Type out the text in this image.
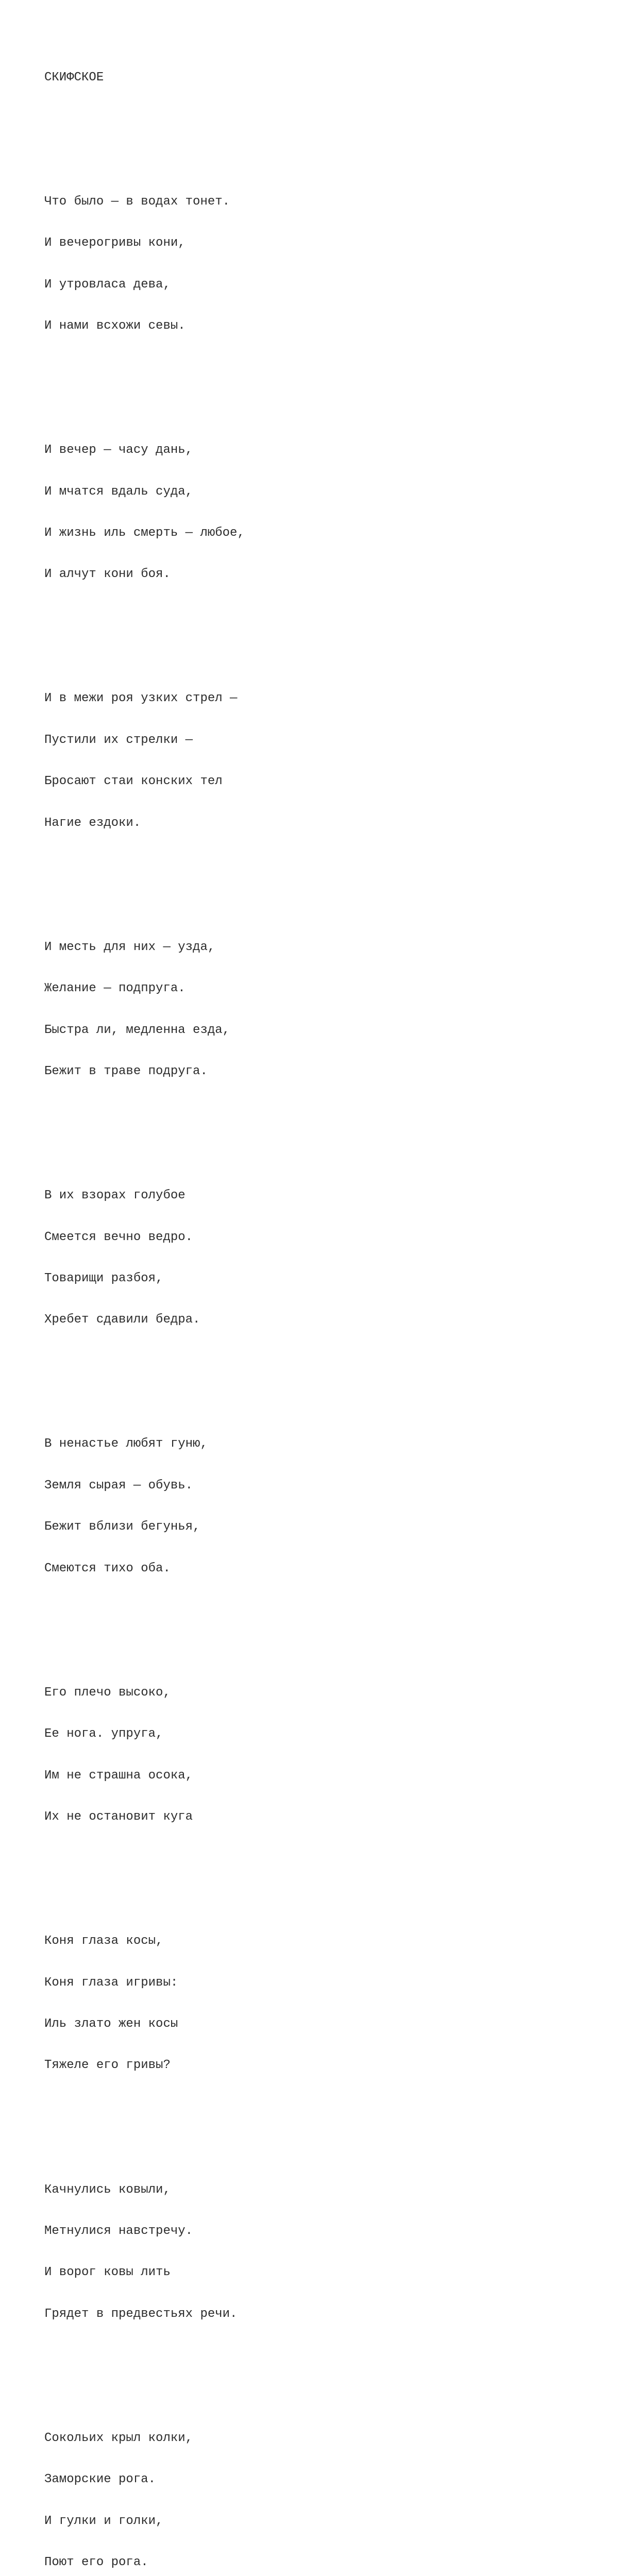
СКИФСКОЕ

Что было — в водах тонет.

И вечерогривы кони,

И утровласа дева,

И нами всхожи севы.

И вечер — часу дань,

И мчатся вдаль суда,

И жизнь иль смерть — любое,

И алчут кони боя.

И в межи роя узких стрел —

Пустили их стрелки —

Бросают стаи конских тел

Нагие ездоки.

И месть для них — узда,

Желание — подпруга.

Быстра ли, медленна езда,

Бежит в траве подруга.

В их взорах голубое

Смеется вечно ведро.

Товарищи разбоя,

Хребет сдавили бедра.

В ненастье любят гуню,

Земля сырая — обувь.

Бежит вблизи бегунья,

Смеются тихо оба.

Его плечо высоко,

Ее нога. упруга,

Им не страшна осока,

Их не остановит куга

Коня глаза косы,

Коня глаза игривы:

Иль злато жен косы

Тяжеле его гривы?

Качнулись ковыли,

Метнулися навстречу.

И ворог ковы лить

Грядет в предвестьях речи.

Сокольих крыл колки,

Заморские рога.

И гулки и голки,

Поют его рога.
